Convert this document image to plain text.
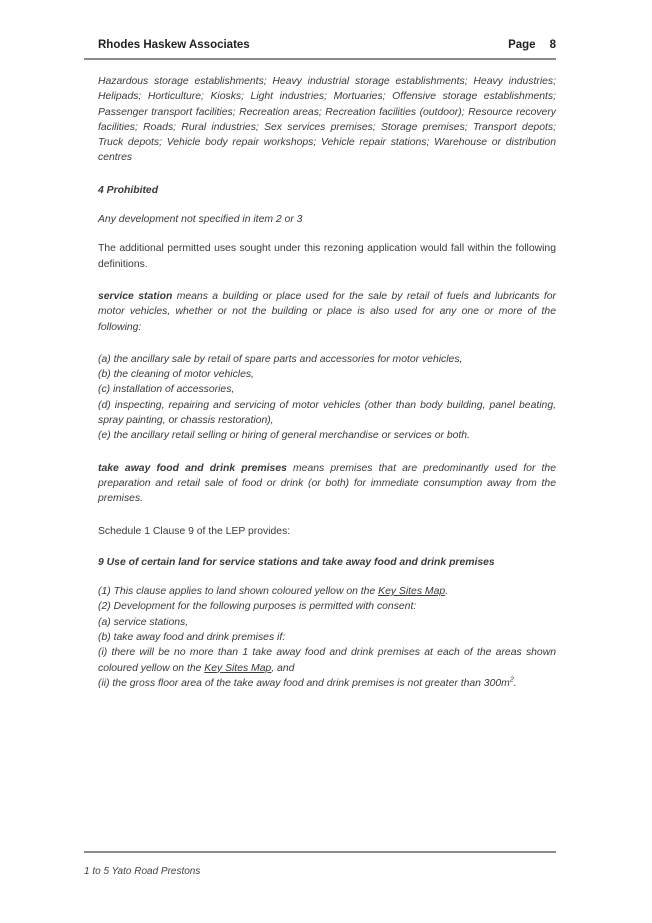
Rhodes Haskew Associates	Page 8

Hazardous storage establishments; Heavy industrial storage establishments; Heavy industries; Helipads; Horticulture; Kiosks; Light industries; Mortuaries; Offensive storage establishments; Passenger transport facilities; Recreation areas; Recreation facilities (outdoor); Resource recovery facilities; Roads; Rural industries; Sex services premises; Storage premises; Transport depots; Truck depots; Vehicle body repair workshops; Vehicle repair stations; Warehouse or distribution centres

4 Prohibited

Any development not specified in item 2 or 3

The additional permitted uses sought under this rezoning application would fall within the following definitions.

service station means a building or place used for the sale by retail of fuels and lubricants for motor vehicles, whether or not the building or place is also used for any one or more of the following:

(a) the ancillary sale by retail of spare parts and accessories for motor vehicles,

(b) the cleaning of motor vehicles,

(c) installation of accessories,

(d) inspecting, repairing and servicing of motor vehicles (other than body building, panel beating, spray painting, or chassis restoration),

(e) the ancillary retail selling or hiring of general merchandise or services or both.

take away food and drink premises means premises that are predominantly used for the preparation and retail sale of food or drink (or both) for immediate consumption away from the premises.

Schedule 1 Clause 9 of the LEP provides:

9 Use of certain land for service stations and take away food and drink premises

(1) This clause applies to land shown coloured yellow on the Key Sites Map.

(2) Development for the following purposes is permitted with consent:

(a) service stations,

(b) take away food and drink premises if:

(i) there will be no more than 1 take away food and drink premises at each of the areas shown coloured yellow on the Key Sites Map, and

(ii) the gross floor area of the take away food and drink premises is not greater than $300m^2$.

1 to 5 Yato Road Prestons
